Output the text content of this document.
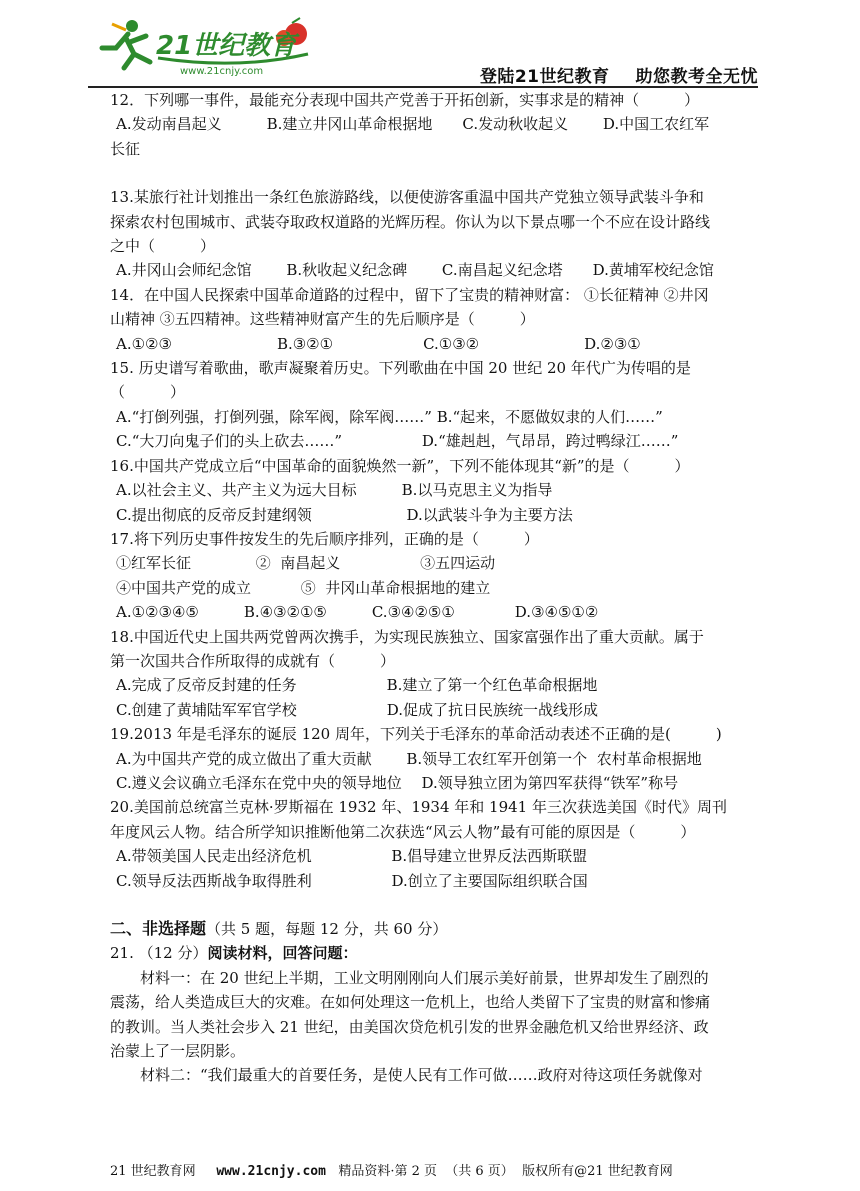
21世纪教育
www.21cnjy.com	登陆21世纪教育 助您教考全无忧

12．下列哪一事件，最能充分表现中国共产党善于开拓创新，实事求是的精神（　　　）

A.发动南昌起义　　　B.建立井冈山革命根据地　　C.发动秋收起义　　 D.中国工农红军

长征

13.某旅行社计划推出一条红色旅游路线，以便使游客重温中国共产党独立领导武装斗争和

探索农村包围城市、武装夺取政权道路的光辉历程。你认为以下景点哪一个不应在设计路线

之中（　　　）

A.井冈山会师纪念馆　　 B.秋收起义纪念碑　　 C.南昌起义纪念塔　　D.黄埔军校纪念馆

14．在中国人民探索中国革命道路的过程中，留下了宝贵的精神财富： ①长征精神 ②井冈

山精神 ③五四精神。这些精神财富产生的先后顺序是（　　　）

A.①②③　　　　　　　B.③②①　　　　　　C.①③②　　　　　　　D.②③①

15. 历史谱写着歌曲，歌声凝聚着历史。下列歌曲在中国 20 世纪 20 年代广为传唱的是

（　　　）

A.“打倒列强，打倒列强，除军阀，除军阀……” B.“起来，不愿做奴隶的人们……”

C.“大刀向鬼子们的头上砍去……”　　　　　 D.“雄赳赳，气昂昂，跨过鸭绿江……”

16.中国共产党成立后“中国革命的面貌焕然一新”，下列不能体现其“新”的是（　　　）

A.以社会主义、共产主义为远大目标　　　B.以马克思主义为指导

C.提出彻底的反帝反封建纲领　　　　　　 D.以武装斗争为主要方法

17.将下列历史事件按发生的先后顺序排列，正确的是（　　　）

①红军长征　　　　 ②  南昌起义　　　　　 ③五四运动

④中国共产党的成立　　　 ⑤  井冈山革命根据地的建立

A.①②③④⑤　　　B.④③②①⑤　　　C.③④②⑤①　　　　D.③④⑤①②

18.中国近代史上国共两党曾两次携手，为实现民族独立、国家富强作出了重大贡献。属于

第一次国共合作所取得的成就有（　　　）

A.完成了反帝反封建的任务　　　　　　B.建立了第一个红色革命根据地

C.创建了黄埔陆军军官学校　　　　　　D.促成了抗日民族统一战线形成

19.2013 年是毛泽东的诞辰 120 周年，下列关于毛泽东的革命活动表述不正确的是(　　　)

A.为中国共产党的成立做出了重大贡献　　 B.领导工农红军开创第一个  农村革命根据地

C.遵义会议确立毛泽东在党中央的领导地位　 D.领导独立团为第四军获得“铁军”称号

20.美国前总统富兰克林·罗斯福在 1932 年、1934 年和 1941 年三次获选美国《时代》周刊

年度风云人物。结合所学知识推断他第二次获选“风云人物”最有可能的原因是（　　　）

A.带领美国人民走出经济危机　　　　　 B.倡导建立世界反法西斯联盟

C.领导反法西斯战争取得胜利　　　　　 D.创立了主要国际组织联合国

二、非选择题（共 5 题，每题 12 分，共 60 分）

21. （12 分）阅读材料，回答问题：

材料一：在 20 世纪上半期，工业文明刚刚向人们展示美好前景，世界却发生了剧烈的

震荡，给人类造成巨大的灾难。在如何处理这一危机上，也给人类留下了宝贵的财富和惨痛

的教训。当人类社会步入 21 世纪，由美国次贷危机引发的世界金融危机又给世界经济、政

治蒙上了一层阴影。

材料二：“我们最重大的首要任务，是使人民有工作可做……政府对待这项任务就像对

21 世纪教育网 www.21cnjy.com 精品资料·第 2 页  （共 6 页）  版权所有@21 世纪教育网
